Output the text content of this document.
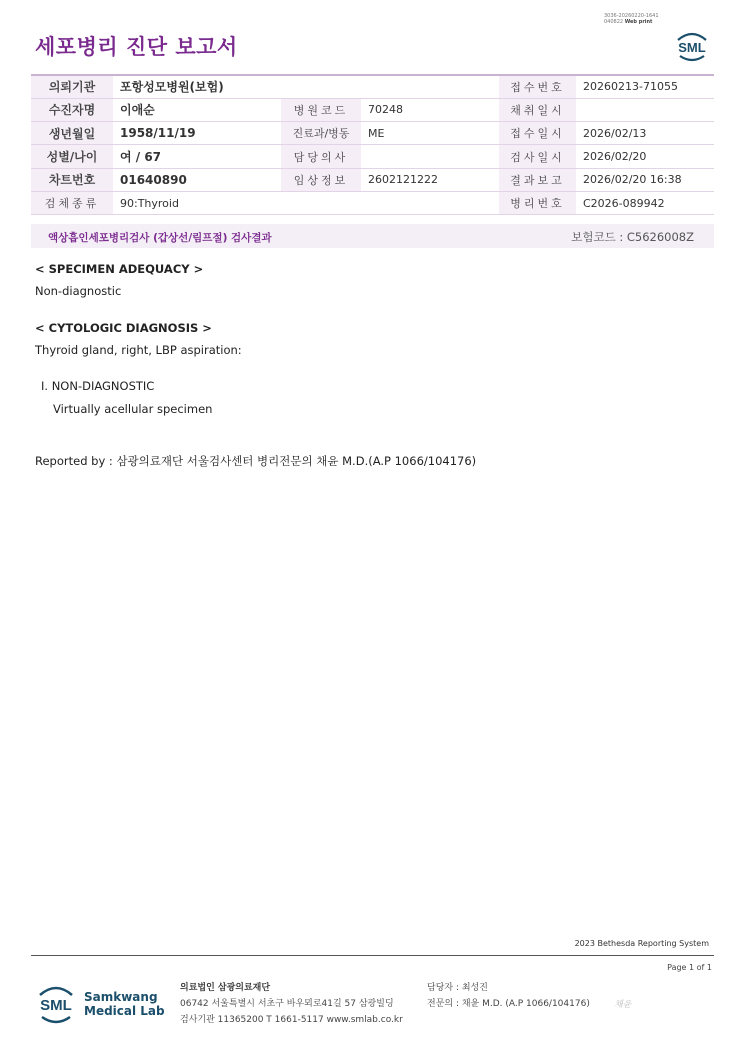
3036-20260220-1641
040822 Web print
세포병리 진단 보고서	SML
의뢰기관	포항성모병원(보험)			접수번호	20260213-71055
수진자명	이애순	병원코드	70248	채취일시	
생년월일	1958/11/19	진료과/병동	ME	접수일시	2026/02/13
성별/나이	여 / 67	담당의사		검사일시	2026/02/20
차트번호	01640890	임상정보	2602121222	결과보고	2026/02/20 16:38
검체종류	90:Thyroid			병리번호	C2026-089942
액상흡인세포병리검사 (갑상선/림프절) 검사결과	보험코드 : C5626008Z
< SPECIMEN ADEQUACY >
Non-diagnostic
< CYTOLOGIC DIAGNOSIS >
Thyroid gland, right, LBP aspiration:
I. NON-DIAGNOSTIC
Virtually acellular specimen
Reported by : 삼광의료재단 서울검사센터 병리전문의 채윤 M.D.(A.P 1066/104176)
2023 Bethesda Reporting System
Page 1 of 1
SML Samkwang
Medical Lab
의료법인 삼광의료재단
06742 서울특별시 서초구 바우뫼로41길 57 삼광빌딩
검사기관 11365200 T 1661-5117 www.smlab.co.kr
담당자 : 최성진
전문의 : 채윤 M.D. (A.P 1066/104176)	채윤
